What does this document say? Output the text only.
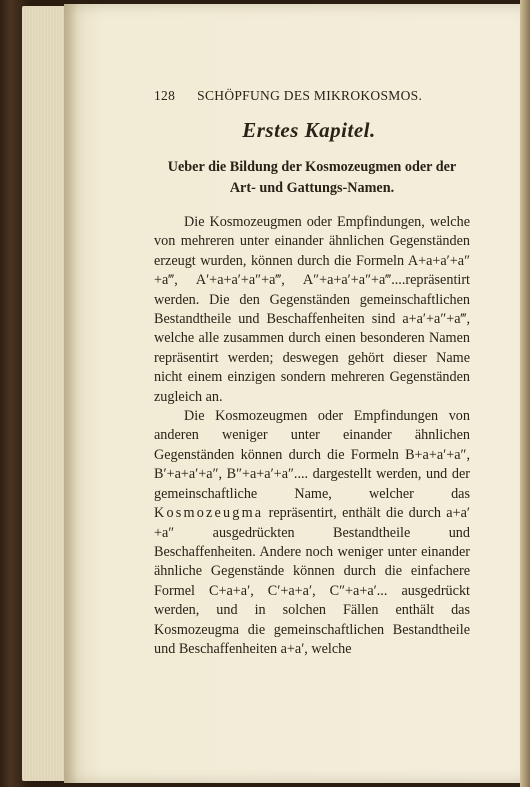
128 SCHÖPFUNG DES MIKROKOSMOS.
Erstes Kapitel.
Ueber die Bildung der Kosmozeugmen oder der Art- und Gattungs-Namen.

Die Kosmozeugmen oder Empfindungen, welche von mehreren unter einander ähnlichen Gegenständen erzeugt wurden, können durch die Formeln A+a+a′+a″+a‴, A′+a+a′+a″+a‴, A″+a+a′+a″+a‴....repräsentirt werden. Die den Gegenständen gemeinschaftlichen Bestandtheile und Beschaffenheiten sind a+a′+a″+a‴, welche alle zusammen durch einen besonderen Namen repräsentirt werden; deswegen gehört dieser Name nicht einem einzigen sondern mehreren Gegenständen zugleich an.

Die Kosmozeugmen oder Empfindungen von anderen weniger unter einander ähnlichen Gegenständen können durch die Formeln B+a+a′+a″, B′+a+a′+a″, B″+a+a′+a″.... dargestellt werden, und der gemeinschaftliche Name, welcher das Kosmozeugma repräsentirt, enthält die durch a+a′+a″ ausgedrückten Bestandtheile und Beschaffenheiten. Andere noch weniger unter einander ähnliche Gegenstände können durch die einfachere Formel C+a+a′, C′+a+a′, C″+a+a′... ausgedrückt werden, und in solchen Fällen enthält das Kosmozeugma die gemeinschaftlichen Bestandtheile und Beschaffenheiten a+a′, welche
